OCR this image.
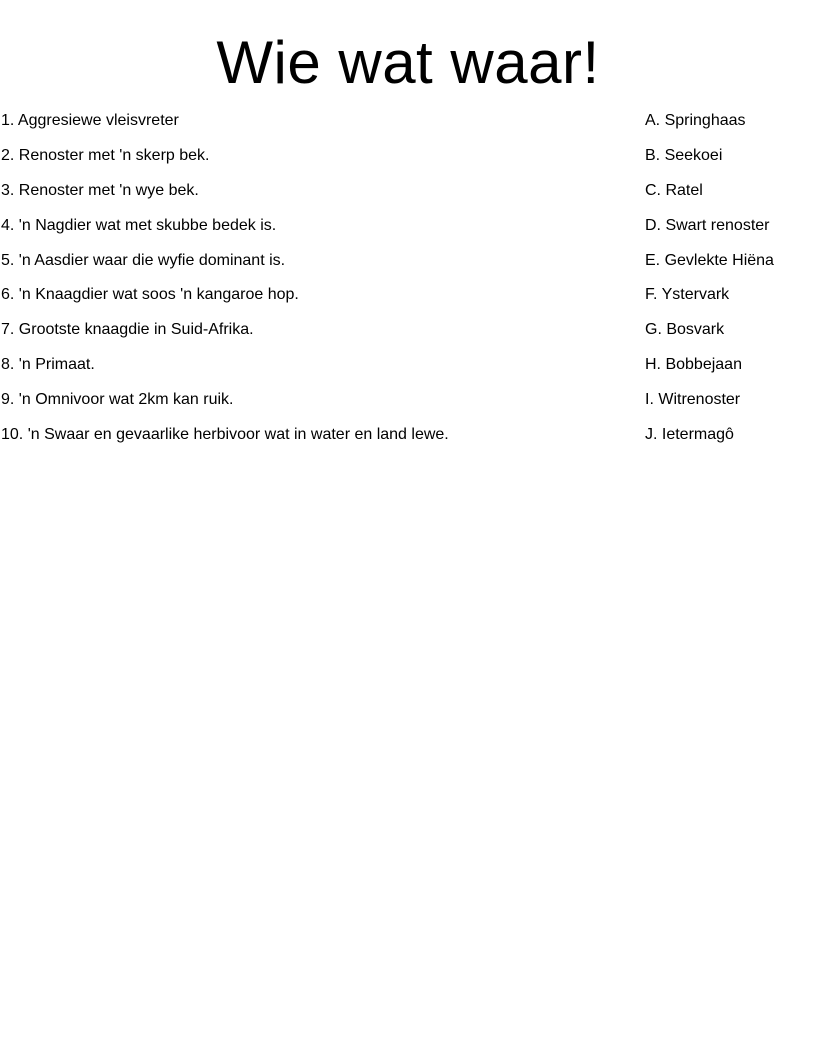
Wie wat waar!
1. Aggresiewe vleisvreter
2. Renoster met 'n skerp bek.
3. Renoster met 'n wye bek.
4. 'n Nagdier wat met skubbe bedek is.
5. 'n Aasdier waar die wyfie dominant is.
6. 'n Knaagdier wat soos 'n kangaroe hop.
7. Grootste knaagdie in Suid-Afrika.
8. 'n Primaat.
9. 'n Omnivoor wat 2km kan ruik.
10. 'n Swaar en gevaarlike herbivoor wat in water en land lewe.
A. Springhaas
B. Seekoei
C. Ratel
D. Swart renoster
E. Gevlekte Hiëna
F. Ystervark
G. Bosvark
H. Bobbejaan
I. Witrenoster
J. Ietermagô
